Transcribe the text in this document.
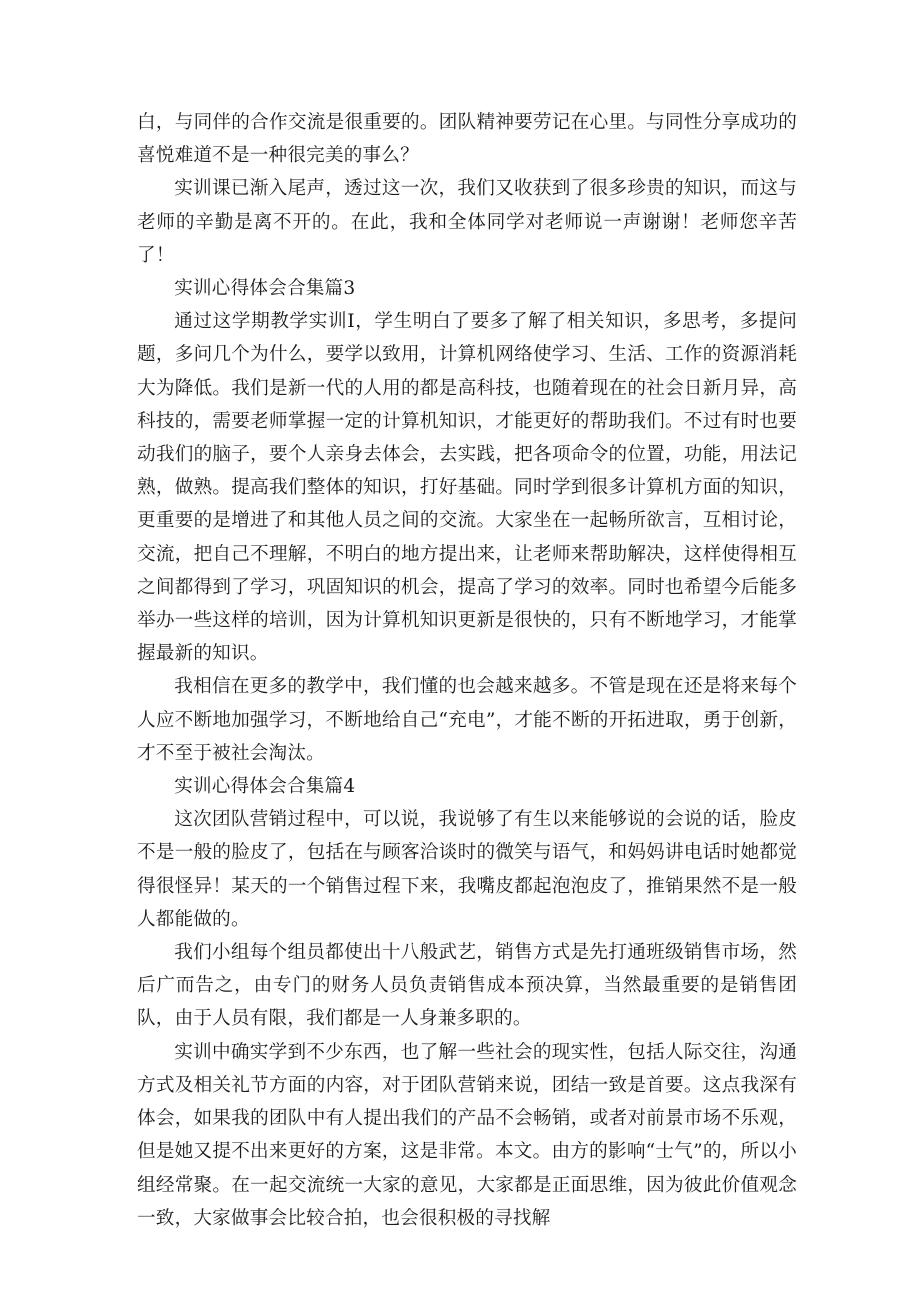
白，与同伴的合作交流是很重要的。团队精神要劳记在心里。与同性分享成功的喜悦难道不是一种很完美的事么？

实训课已渐入尾声，透过这一次，我们又收获到了很多珍贵的知识，而这与老师的辛勤是离不开的。在此，我和全体同学对老师说一声谢谢！老师您辛苦了！

实训心得体会合集篇3

通过这学期教学实训I，学生明白了要多了解了相关知识，多思考，多提问题，多问几个为什么，要学以致用，计算机网络使学习、生活、工作的资源消耗大为降低。我们是新一代的人用的都是高科技，也随着现在的社会日新月异，高科技的，需要老师掌握一定的计算机知识，才能更好的帮助我们。不过有时也要动我们的脑子，要个人亲身去体会，去实践，把各项命令的位置，功能，用法记熟，做熟。提高我们整体的知识，打好基础。同时学到很多计算机方面的知识，更重要的是增进了和其他人员之间的交流。大家坐在一起畅所欲言，互相讨论，交流，把自己不理解，不明白的地方提出来，让老师来帮助解决，这样使得相互之间都得到了学习，巩固知识的机会，提高了学习的效率。同时也希望今后能多举办一些这样的培训，因为计算机知识更新是很快的，只有不断地学习，才能掌握最新的知识。

我相信在更多的教学中，我们懂的也会越来越多。不管是现在还是将来每个人应不断地加强学习，不断地给自己“充电”，才能不断的开拓进取，勇于创新，才不至于被社会淘汰。

实训心得体会合集篇4

这次团队营销过程中，可以说，我说够了有生以来能够说的会说的话，脸皮不是一般的脸皮了，包括在与顾客洽谈时的微笑与语气，和妈妈讲电话时她都觉得很怪异！某天的一个销售过程下来，我嘴皮都起泡泡皮了，推销果然不是一般人都能做的。

我们小组每个组员都使出十八般武艺，销售方式是先打通班级销售市场，然后广而告之，由专门的财务人员负责销售成本预决算，当然最重要的是销售团队，由于人员有限，我们都是一人身兼多职的。

实训中确实学到不少东西，也了解一些社会的现实性，包括人际交往，沟通方式及相关礼节方面的内容，对于团队营销来说，团结一致是首要。这点我深有体会，如果我的团队中有人提出我们的产品不会畅销，或者对前景市场不乐观，但是她又提不出来更好的方案，这是非常。本文。由方的影响“士气”的，所以小组经常聚。在一起交流统一大家的意见，大家都是正面思维，因为彼此价值观念一致，大家做事会比较合拍，也会很积极的寻找解
